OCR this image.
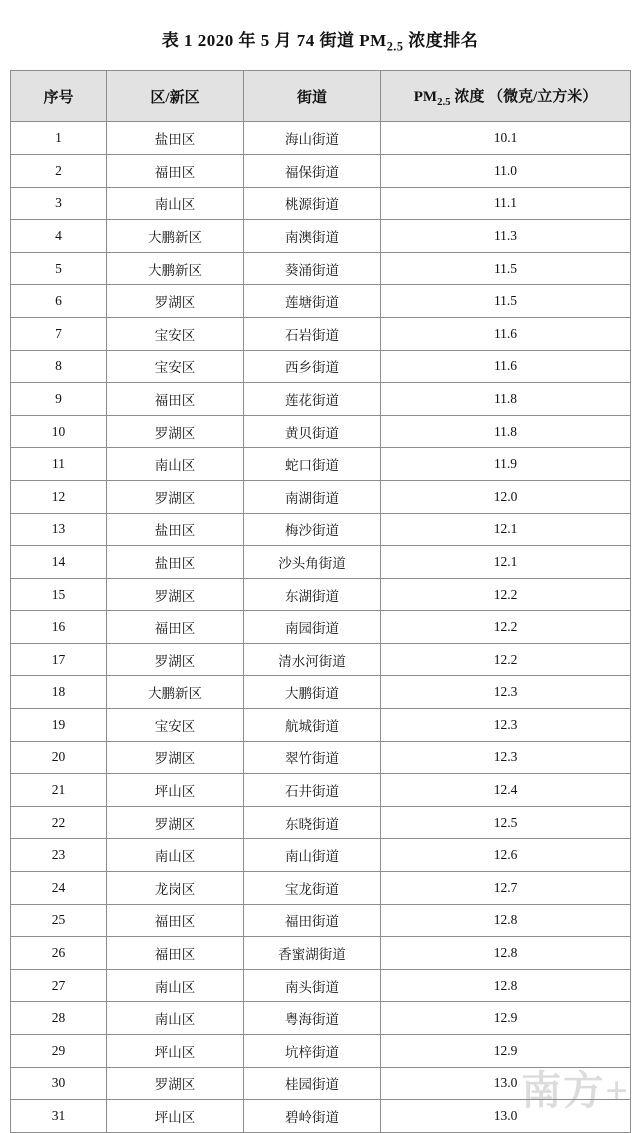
表 1 2020 年 5 月 74 街道 $PM_{2.5}$ 浓度排名
序号	区/新区	街道	$PM_{2.5}$ 浓度 （微克/立方米）
1	盐田区	海山街道	10.1
2	福田区	福保街道	11.0
3	南山区	桃源街道	11.1
4	大鹏新区	南澳街道	11.3
5	大鹏新区	葵涌街道	11.5
6	罗湖区	莲塘街道	11.5
7	宝安区	石岩街道	11.6
8	宝安区	西乡街道	11.6
9	福田区	莲花街道	11.8
10	罗湖区	黄贝街道	11.8
11	南山区	蛇口街道	11.9
12	罗湖区	南湖街道	12.0
13	盐田区	梅沙街道	12.1
14	盐田区	沙头角街道	12.1
15	罗湖区	东湖街道	12.2
16	福田区	南园街道	12.2
17	罗湖区	清水河街道	12.2
18	大鹏新区	大鹏街道	12.3
19	宝安区	航城街道	12.3
20	罗湖区	翠竹街道	12.3
21	坪山区	石井街道	12.4
22	罗湖区	东晓街道	12.5
23	南山区	南山街道	12.6
24	龙岗区	宝龙街道	12.7
25	福田区	福田街道	12.8
26	福田区	香蜜湖街道	12.8
27	南山区	南头街道	12.8
28	南山区	粤海街道	12.9
29	坪山区	坑梓街道	12.9
30	罗湖区	桂园街道	13.0
31	坪山区	碧岭街道	13.0
南方+
